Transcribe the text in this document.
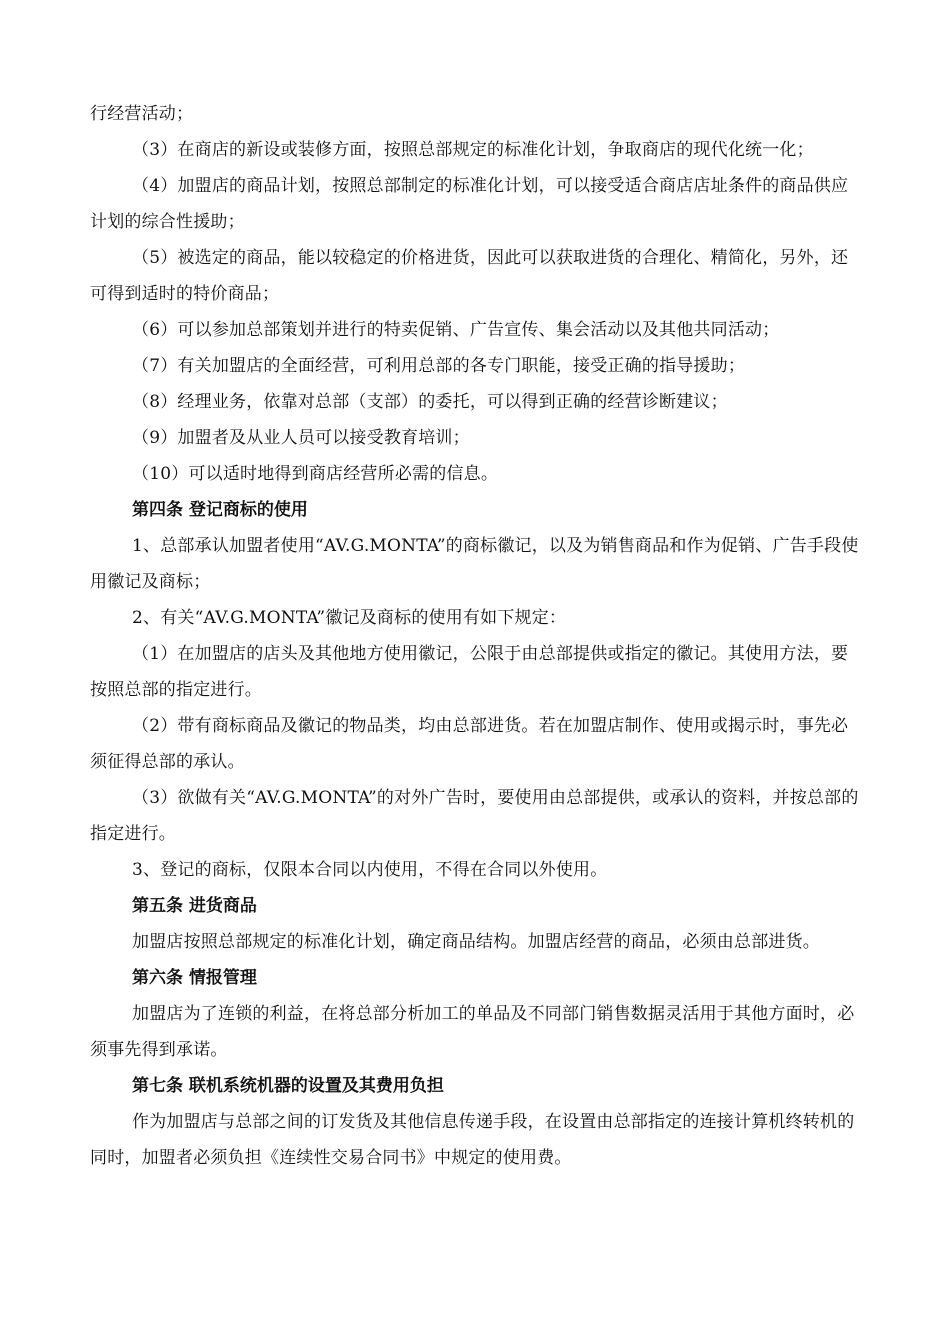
行经营活动；

（3）在商店的新设或装修方面，按照总部规定的标准化计划，争取商店的现代化统一化；

（4）加盟店的商品计划，按照总部制定的标准化计划，可以接受适合商店店址条件的商品供应计划的综合性援助；

（5）被选定的商品，能以较稳定的价格进货，因此可以获取进货的合理化、精简化，另外，还可得到适时的特价商品；

（6）可以参加总部策划并进行的特卖促销、广告宣传、集会活动以及其他共同活动；

（7）有关加盟店的全面经营，可利用总部的各专门职能，接受正确的指导援助；

（8）经理业务，依靠对总部（支部）的委托，可以得到正确的经营诊断建议；

（9）加盟者及从业人员可以接受教育培训；

（10）可以适时地得到商店经营所必需的信息。

第四条 登记商标的使用

1、总部承认加盟者使用“AV.G.MONTA”的商标徽记，以及为销售商品和作为促销、广告手段使用徽记及商标；

2、有关“AV.G.MONTA”徽记及商标的使用有如下规定：

（1）在加盟店的店头及其他地方使用徽记，公限于由总部提供或指定的徽记。其使用方法，要按照总部的指定进行。

（2）带有商标商品及徽记的物品类，均由总部进货。若在加盟店制作、使用或揭示时，事先必须征得总部的承认。

（3）欲做有关“AV.G.MONTA”的对外广告时，要使用由总部提供，或承认的资料，并按总部的指定进行。

3、登记的商标，仅限本合同以内使用，不得在合同以外使用。

第五条 进货商品

加盟店按照总部规定的标准化计划，确定商品结构。加盟店经营的商品，必须由总部进货。

第六条 情报管理

加盟店为了连锁的利益，在将总部分析加工的单品及不同部门销售数据灵活用于其他方面时，必须事先得到承诺。

第七条 联机系统机器的设置及其费用负担

作为加盟店与总部之间的订发货及其他信息传递手段，在设置由总部指定的连接计算机终转机的同时，加盟者必须负担《连续性交易合同书》中规定的使用费。
